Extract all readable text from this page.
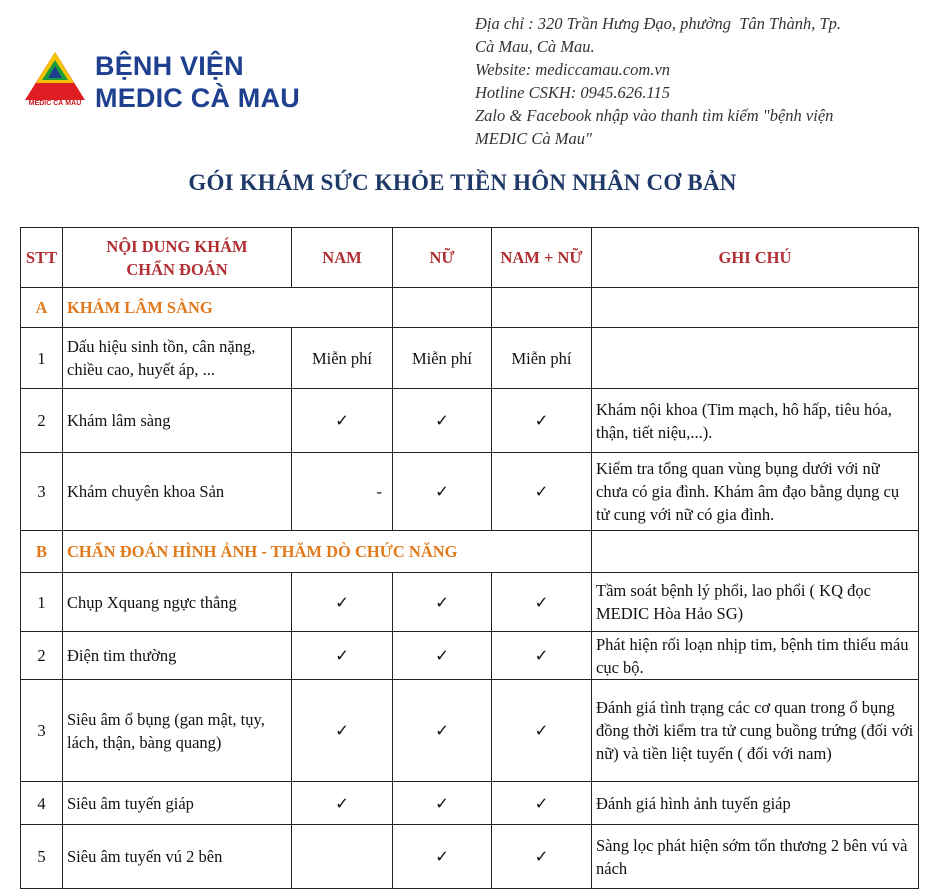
MEDIC CÀ MAU
BỆNH VIỆN
MEDIC CÀ MAU
Địa chỉ : 320 Trần Hưng Đạo, phường  Tân Thành, Tp.
Cà Mau, Cà Mau.
Website: mediccamau.com.vn
Hotline CSKH: 0945.626.115
Zalo & Facebook nhập vào thanh tìm kiếm "bệnh viện
MEDIC Cà Mau"
GÓI KHÁM SỨC KHỎE TIỀN HÔN NHÂN CƠ BẢN
STT	NỘI DUNG KHÁM
CHẨN ĐOÁN	NAM	NỮ	NAM + NỮ	GHI CHÚ
A	KHÁM LÂM SÀNG				
1	Dấu hiệu sinh tồn, cân nặng, chiều cao, huyết áp, ...	Miễn phí	Miễn phí	Miễn phí	
2	Khám lâm sàng	✓	✓	✓	Khám nội khoa (Tim mạch, hô hấp, tiêu hóa, thận, tiết niệu,...).
3	Khám chuyên khoa Sản	-	✓	✓	Kiểm tra tổng quan vùng bụng dưới với nữ chưa có gia đình. Khám âm đạo bằng dụng cụ tử cung với nữ có gia đình.
B	CHẨN ĐOÁN HÌNH ẢNH - THĂM DÒ CHỨC NĂNG				
1	Chụp Xquang ngực thẳng	✓	✓	✓	Tầm soát bệnh lý phổi, lao phổi ( KQ đọc MEDIC Hòa Hảo SG)
2	Điện tim thường	✓	✓	✓	Phát hiện rối loạn nhịp tim, bệnh tim thiếu máu cục bộ.
3	Siêu âm ổ bụng (gan mật, tụy, lách, thận, bàng quang)	✓	✓	✓	Đánh giá tình trạng các cơ quan trong ổ bụng đồng thời kiểm tra tử cung buồng trứng (đối với nữ) và tiền liệt tuyến ( đối với nam)
4	Siêu âm tuyến giáp	✓	✓	✓	Đánh giá hình ảnh tuyến giáp
5	Siêu âm tuyến vú 2 bên		✓	✓	Sàng lọc phát hiện sớm tổn thương 2 bên vú và nách
